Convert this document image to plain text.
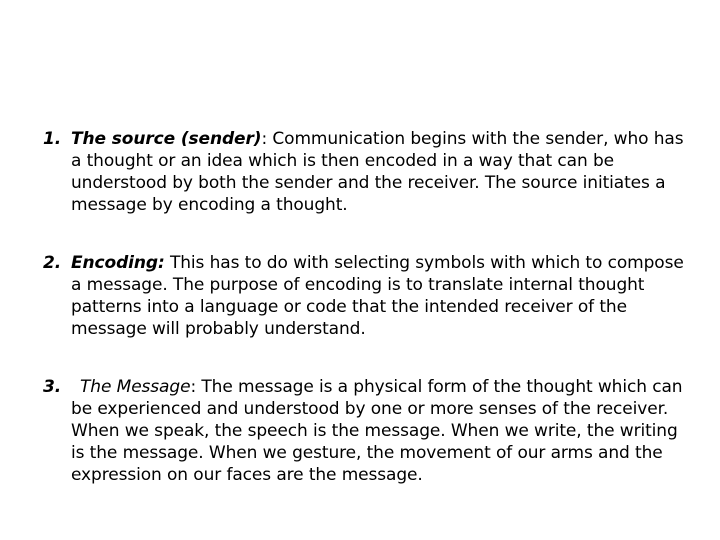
1. The source (sender): Communication begins with the sender, who has a thought or an idea which is then encoded in a way that can be understood by both the sender and the receiver. The source initiates a message by encoding a thought.
2. Encoding: This has to do with selecting symbols with which to compose a message. The purpose of encoding is to translate internal thought patterns into a language or code that the intended receiver of the message will probably understand.
3. The Message: The message is a physical form of the thought which can be experienced and understood by one or more senses of the receiver. When we speak, the speech is the message. When we write, the writing is the message. When we gesture, the movement of our arms and the expression on our faces are the message.
